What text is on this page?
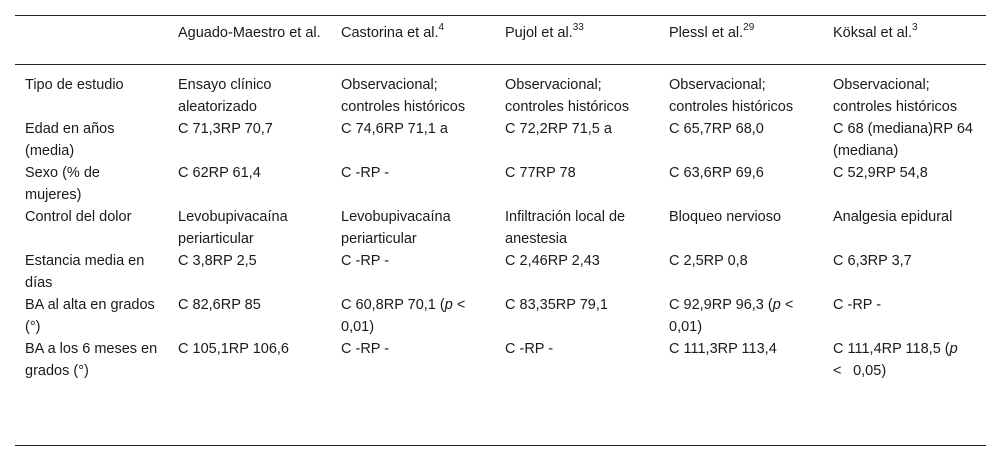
	Aguado-Maestro et al.	Castorina et al.$^4$	Pujol et al.$^{33}$	Plessl et al.$^{29}$	Köksal et al.$^3$
Tipo de estudio	Ensayo clínico aleatorizado	Observacional; controles históricos	Observacional; controles históricos	Observacional; controles históricos	Observacional; controles históricos
Edad en años (media)	C 71,3RP 70,7	C 74,6RP 71,1 a	C 72,2RP 71,5 a	C 65,7RP 68,0	C 68 (mediana)RP 64 (mediana)
Sexo (% de mujeres)	C 62RP 61,4	C -RP -	C 77RP 78	C 63,6RP 69,6	C 52,9RP 54,8
Control del dolor	Levobupivacaína periarticular	Levobupivacaína periarticular	Infiltración local de anestesia	Bloqueo nervioso	Analgesia epidural
Estancia media en días	C 3,8RP 2,5	C -RP -	C 2,46RP 2,43	C 2,5RP 0,8	C 6,3RP 3,7
BA al alta en grados (°)	C 82,6RP 85	C 60,8RP 70,1 (p <    0,01)	C 83,35RP 79,1	C 92,9RP 96,3 (p <    0,01)	C -RP -
BA a los 6 meses en grados (°)	C 105,1RP 106,6	C -RP -	C -RP -	C 111,3RP 113,4	C 111,4RP 118,5 (p <    0,05)
